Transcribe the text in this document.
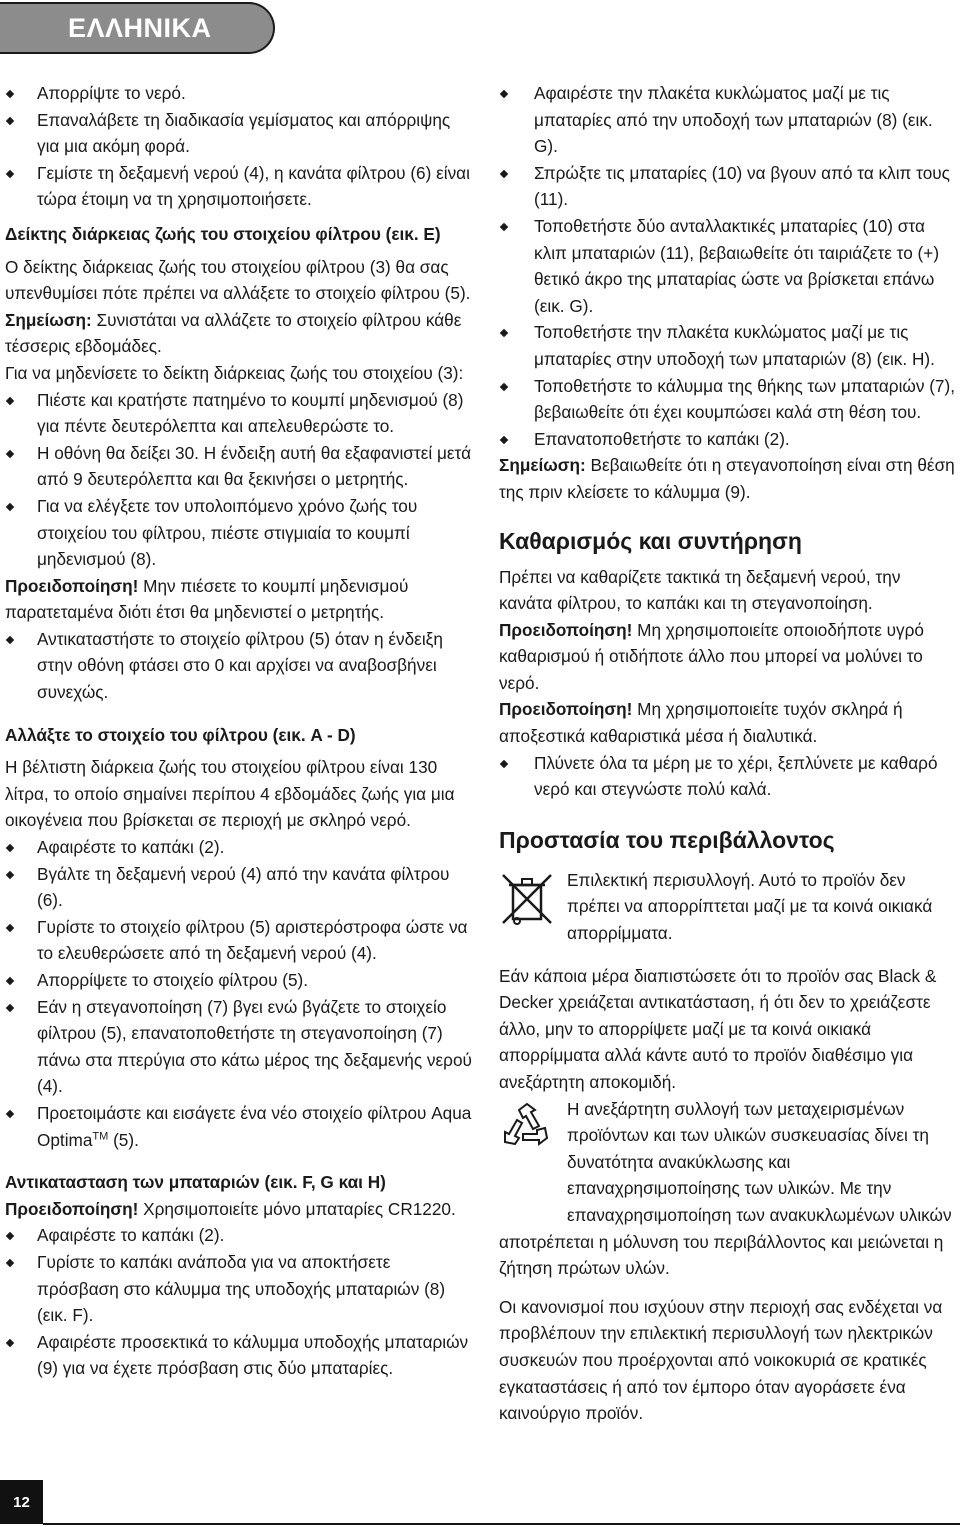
ΕΛΛΗΝΙΚΑ
Απορρίψτε το νερό.
Επαναλάβετε τη διαδικασία γεμίσματος και απόρριψης για μια ακόμη φορά.
Γεμίστε τη δεξαμενή νερού (4), η κανάτα φίλτρου (6) είναι τώρα έτοιμη να τη χρησιμοποιήσετε.

Δείκτης διάρκειας ζωής του στοιχείου φίλτρου (εικ. E)

Ο δείκτης διάρκειας ζωής του στοιχείου φίλτρου (3) θα σας υπενθυμίσει πότε πρέπει να αλλάξετε το στοιχείο φίλτρου (5).

Σημείωση: Συνιστάται να αλλάζετε το στοιχείο φίλτρου κάθε τέσσερις εβδομάδες.

Για να μηδενίσετε το δείκτη διάρκειας ζωής του στοιχείου (3):

Πιέστε και κρατήστε πατημένο το κουμπί μηδενισμού (8) για πέντε δευτερόλεπτα και απελευθερώστε το.
Η οθόνη θα δείξει 30. Η ένδειξη αυτή θα εξαφανιστεί μετά από 9 δευτερόλεπτα και θα ξεκινήσει ο μετρητής.
Για να ελέγξετε τον υπολοιπόμενο χρόνο ζωής του στοιχείου του φίλτρου, πιέστε στιγμιαία το κουμπί μηδενισμού (8).

Προειδοποίηση! Μην πιέσετε το κουμπί μηδενισμού παρατεταμένα διότι έτσι θα μηδενιστεί ο μετρητής.

Αντικαταστήστε το στοιχείο φίλτρου (5) όταν η ένδειξη στην οθόνη φτάσει στο 0 και αρχίσει να αναβοσβήνει συνεχώς.

Αλλάξτε το στοιχείο του φίλτρου (εικ. A - D)

Η βέλτιστη διάρκεια ζωής του στοιχείου φίλτρου είναι 130 λίτρα, το οποίο σημαίνει περίπου 4 εβδομάδες ζωής για μια οικογένεια που βρίσκεται σε περιοχή με σκληρό νερό.

Αφαιρέστε το καπάκι (2).
Βγάλτε τη δεξαμενή νερού (4) από την κανάτα φίλτρου (6).
Γυρίστε το στοιχείο φίλτρου (5) αριστερόστροφα ώστε να το ελευθερώσετε από τη δεξαμενή νερού (4).
Απορρίψετε το στοιχείο φίλτρου (5).
Εάν η στεγανοποίηση (7) βγει ενώ βγάζετε το στοιχείο φίλτρου (5), επανατοποθετήστε τη στεγανοποίηση (7) πάνω στα πτερύγια στο κάτω μέρος της δεξαμενής νερού (4).
Προετοιμάστε και εισάγετε ένα νέο στοιχείο φίλτρου Aqua Optima™ (5).

Αντικατασταση των μπαταριών (εικ. F, G και H)

Προειδοποίηση! Χρησιμοποιείτε μόνο μπαταρίες CR1220.

Αφαιρέστε το καπάκι (2).
Γυρίστε το καπάκι ανάποδα για να αποκτήσετε πρόσβαση στο κάλυμμα της υποδοχής μπαταριών (8) (εικ. F).
Αφαιρέστε προσεκτικά το κάλυμμα υποδοχής μπαταριών (9) για να έχετε πρόσβαση στις δύο μπαταρίες.
Αφαιρέστε την πλακέτα κυκλώματος μαζί με τις μπαταρίες από την υποδοχή των μπαταριών (8) (εικ. G).
Σπρώξτε τις μπαταρίες (10) να βγουν από τα κλιπ τους (11).
Τοποθετήστε δύο ανταλλακτικές μπαταρίες (10) στα κλιπ μπαταριών (11), βεβαιωθείτε ότι ταιριάζετε το (+) θετικό άκρο της μπαταρίας ώστε να βρίσκεται επάνω (εικ. G).
Τοποθετήστε την πλακέτα κυκλώματος μαζί με τις μπαταρίες στην υποδοχή των μπαταριών (8) (εικ. H).
Τοποθετήστε το κάλυμμα της θήκης των μπαταριών (7), βεβαιωθείτε ότι έχει κουμπώσει καλά στη θέση του.
Επανατοποθετήστε το καπάκι (2).

Σημείωση: Βεβαιωθείτε ότι η στεγανοποίηση είναι στη θέση της πριν κλείσετε το κάλυμμα (9).

Καθαρισμός και συντήρηση

Πρέπει να καθαρίζετε τακτικά τη δεξαμενή νερού, την κανάτα φίλτρου, το καπάκι και τη στεγανοποίηση.

Προειδοποίηση! Μη χρησιμοποιείτε οποιοδήποτε υγρό καθαρισμού ή οτιδήποτε άλλο που μπορεί να μολύνει το νερό.

Προειδοποίηση! Μη χρησιμοποιείτε τυχόν σκληρά ή αποξεστικά καθαριστικά μέσα ή διαλυτικά.

Πλύνετε όλα τα μέρη με το χέρι, ξεπλύνετε με καθαρό νερό και στεγνώστε πολύ καλά.

Προστασία του περιβάλλοντος

Επιλεκτική περισυλλογή. Αυτό το προϊόν δεν πρέπει να απορρίπτεται μαζί με τα κοινά οικιακά απορρίμματα.

Εάν κάποια μέρα διαπιστώσετε ότι το προϊόν σας Black & Decker χρειάζεται αντικατάσταση, ή ότι δεν το χρειάζεστε άλλο, μην το απορρίψετε μαζί με τα κοινά οικιακά απορρίμματα αλλά κάντε αυτό το προϊόν διαθέσιμο για ανεξάρτητη αποκομιδή.

Η ανεξάρτητη συλλογή των μεταχειρισμένων προϊόντων και των υλικών συσκευασίας δίνει τη δυνατότητα ανακύκλωσης και επαναχρησιμοποίησης των υλικών. Με την επαναχρησιμοποίηση των ανακυκλωμένων υλικών

αποτρέπεται η μόλυνση του περιβάλλοντος και μειώνεται η ζήτηση πρώτων υλών.

Οι κανονισμοί που ισχύουν στην περιοχή σας ενδέχεται να προβλέπουν την επιλεκτική περισυλλογή των ηλεκτρικών συσκευών που προέρχονται από νοικοκυριά σε κρατικές εγκαταστάσεις ή από τον έμπορο όταν αγοράσετε ένα καινούργιο προϊόν.

12
